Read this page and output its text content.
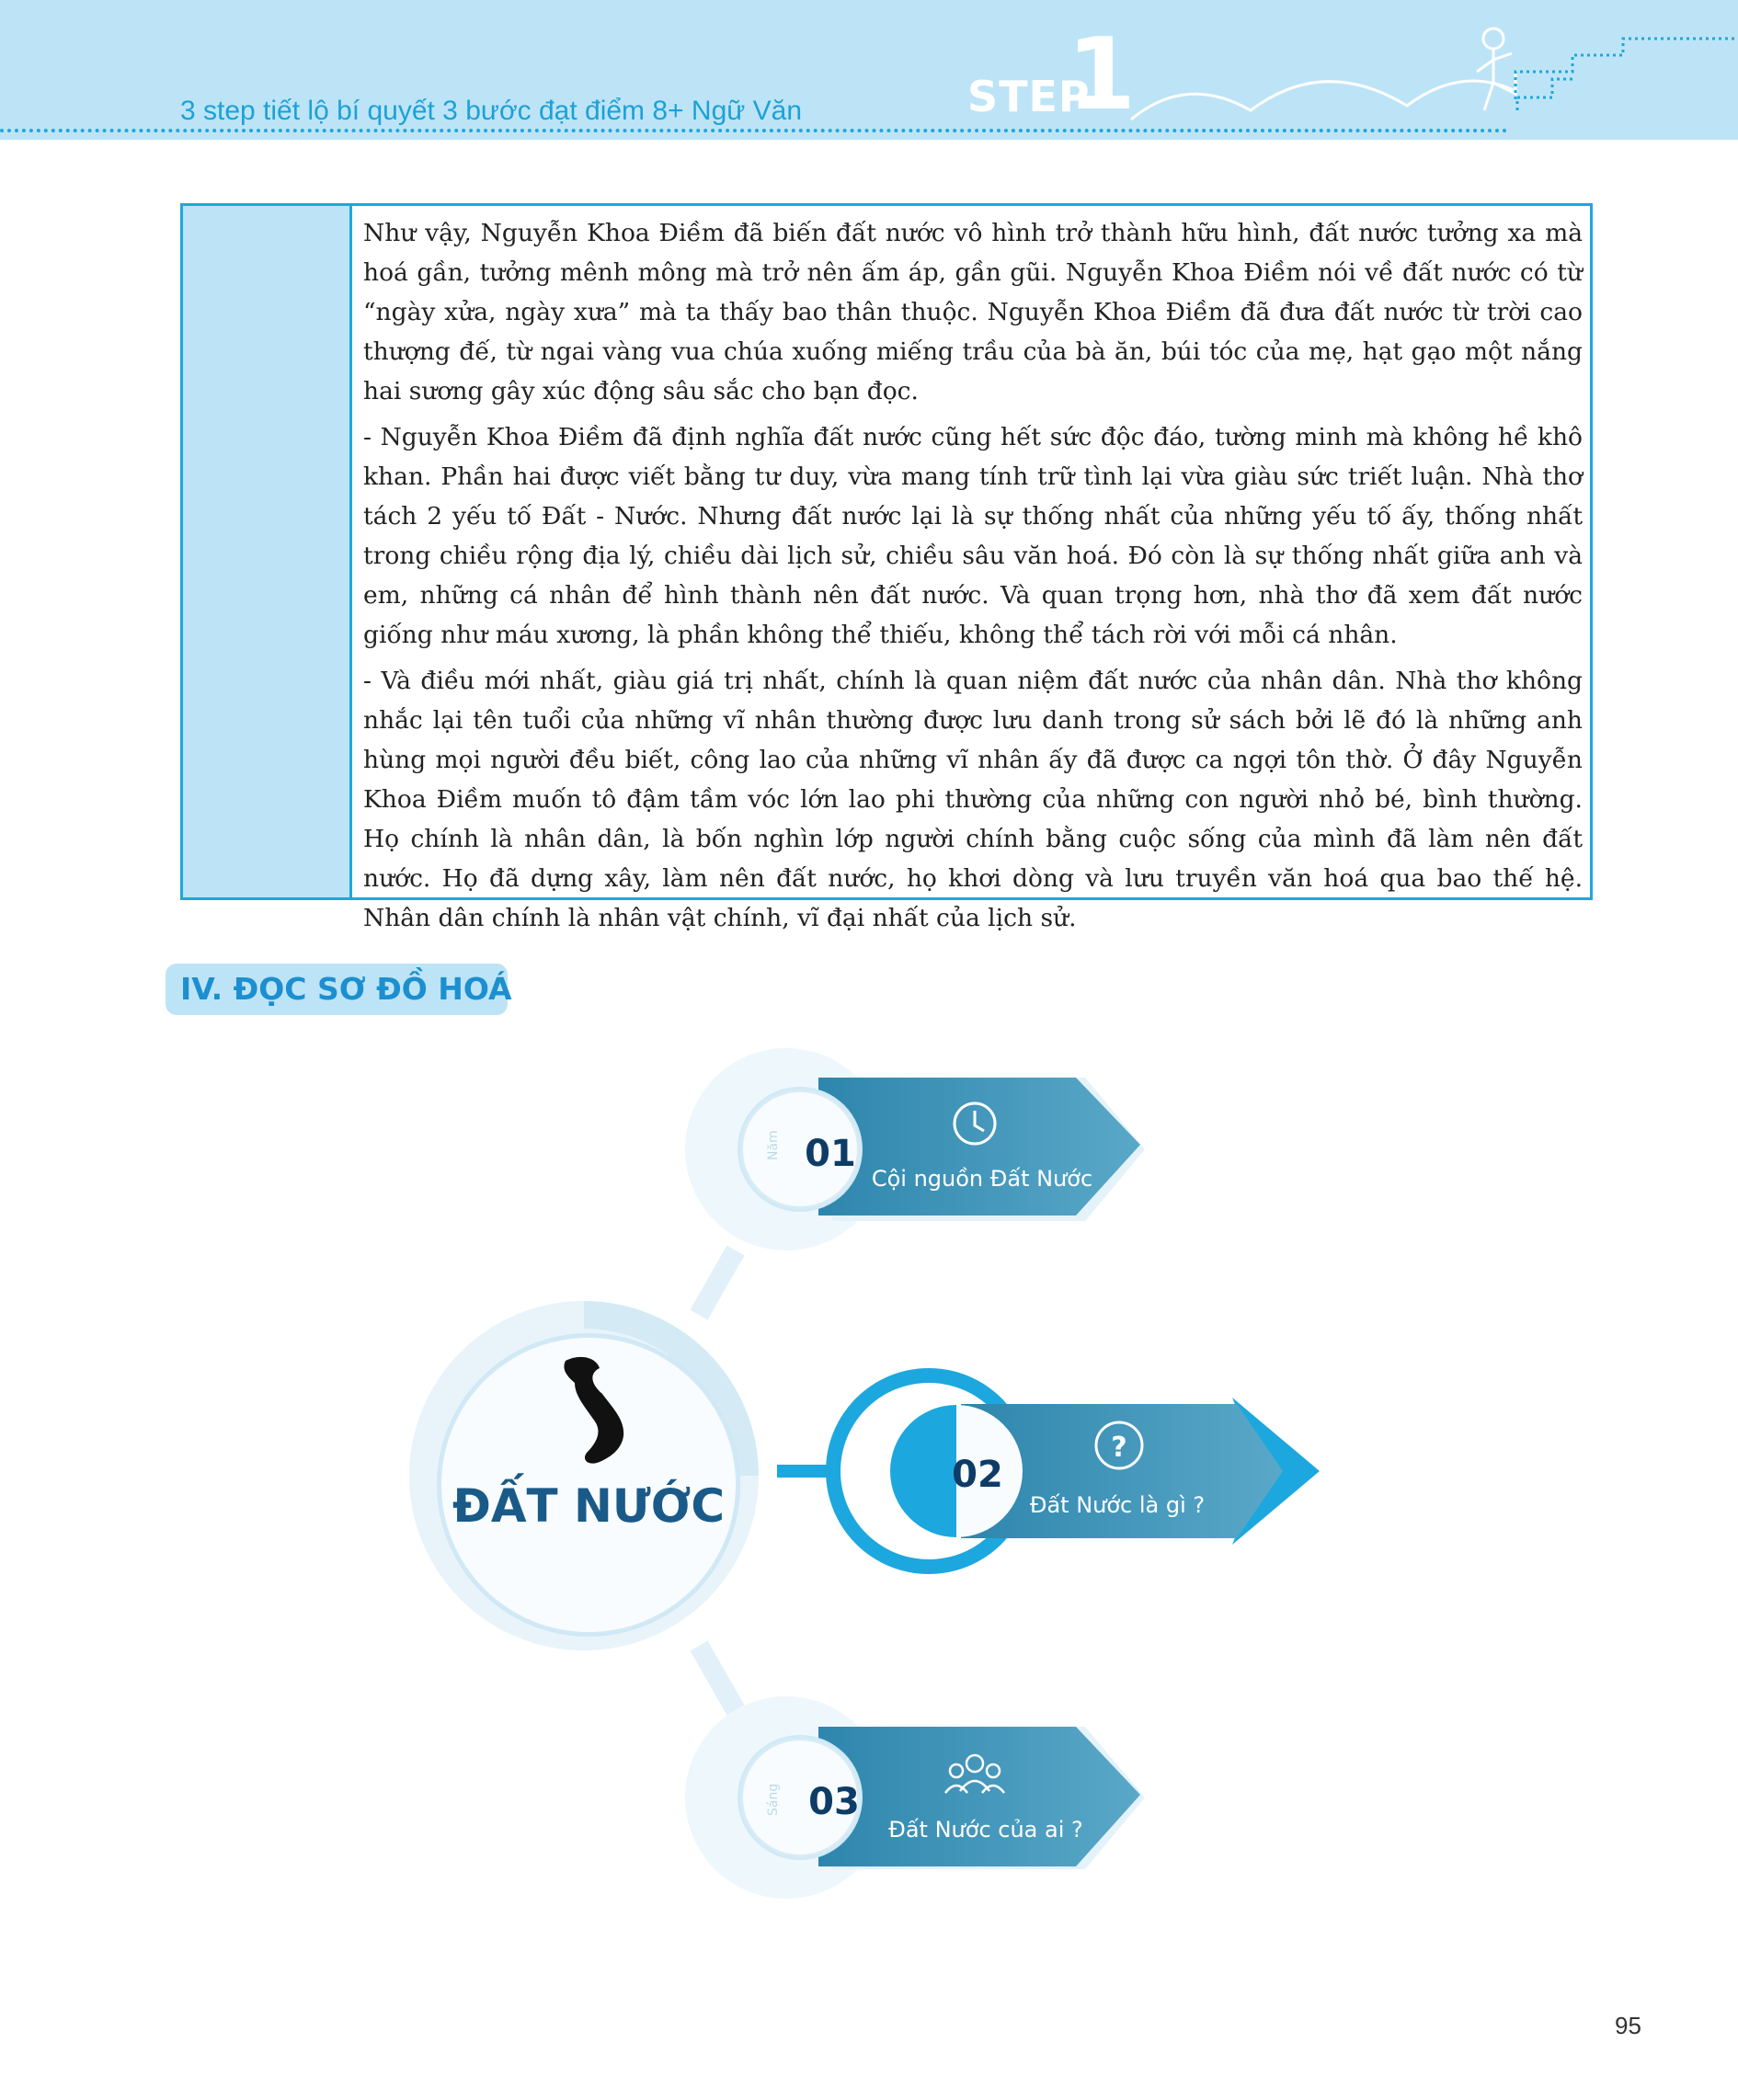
3 step tiết lộ bí quyết 3 bước đạt điểm 8+ Ngữ Văn	STEP
1

Như vậy, Nguyễn Khoa Điềm đã biến đất nước vô hình trở thành hữu hình, đất nước tưởng xa mà hoá gần, tưởng mênh mông mà trở nên ấm áp, gần gũi. Nguyễn Khoa Điềm nói về đất nước có từ “ngày xửa, ngày xưa” mà ta thấy bao thân thuộc. Nguyễn Khoa Điềm đã đưa đất nước từ trời cao thượng đế, từ ngai vàng vua chúa xuống miếng trầu của bà ăn, búi tóc của mẹ, hạt gạo một nắng hai sương gây xúc động sâu sắc cho bạn đọc.

- Nguyễn Khoa Điềm đã định nghĩa đất nước cũng hết sức độc đáo, tường minh mà không hề khô khan. Phần hai được viết bằng tư duy, vừa mang tính trữ tình lại vừa giàu sức triết luận. Nhà thơ tách 2 yếu tố Đất - Nước. Nhưng đất nước lại là sự thống nhất của những yếu tố ấy, thống nhất trong chiều rộng địa lý, chiều dài lịch sử, chiều sâu văn hoá. Đó còn là sự thống nhất giữa anh và em, những cá nhân để hình thành nên đất nước. Và quan trọng hơn, nhà thơ đã xem đất nước giống như máu xương, là phần không thể thiếu, không thể tách rời với mỗi cá nhân.

- Và điều mới nhất, giàu giá trị nhất, chính là quan niệm đất nước của nhân dân. Nhà thơ không nhắc lại tên tuổi của những vĩ nhân thường được lưu danh trong sử sách bởi lẽ đó là những anh hùng mọi người đều biết, công lao của những vĩ nhân ấy đã được ca ngợi tôn thờ. Ở đây Nguyễn Khoa Điềm muốn tô đậm tầm vóc lớn lao phi thường của những con người nhỏ bé, bình thường. Họ chính là nhân dân, là bốn nghìn lớp người chính bằng cuộc sống của mình đã làm nên đất nước. Họ đã dựng xây, làm nên đất nước, họ khơi dòng và lưu truyền văn hoá qua bao thế hệ. Nhân dân chính là nhân vật chính, vĩ đại nhất của lịch sử.

IV. ĐỌC SƠ ĐỒ HOÁ
ĐẤT NƯỚC
Năm 01
Cội nguồn Đất Nước
02
?
Đất Nước là gì ?
Sáng 03
Đất Nước của ai ?
95
